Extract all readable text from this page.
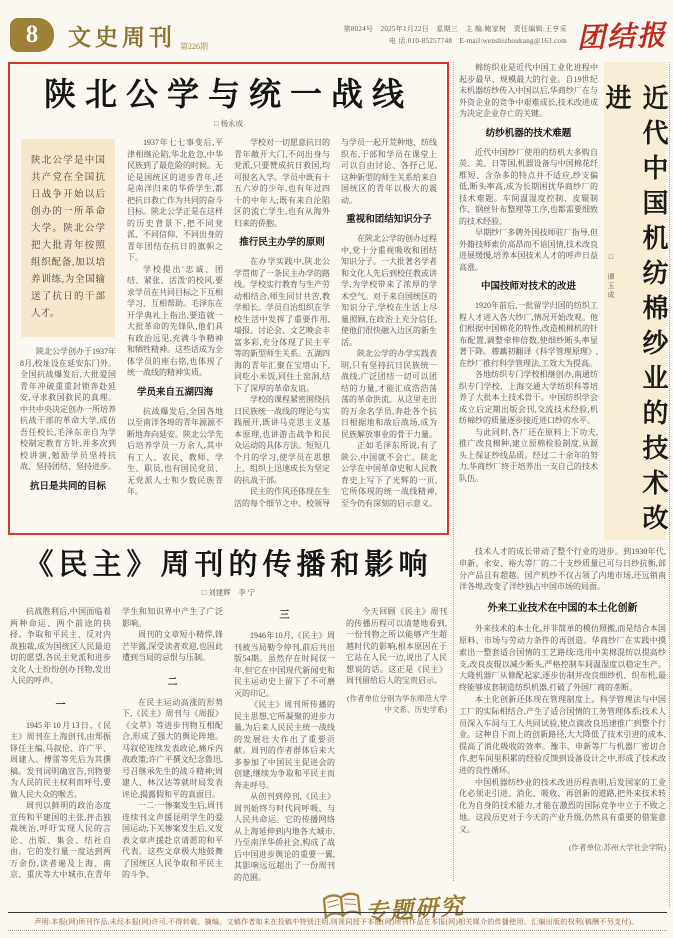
8 文史周刊 第226期
第8024号　2025年1月22日　星期三　主 编:鲍家树　责任编辑:王亨采
电 话:010-85257748　E-mail:wenshizhoukang@163.com 团结报
陕北公学与统一战线
□ 杨永成
陕北公学是中国共产党在全国抗日战争开始以后创办的一所革命大学。陕北公学把大批青年按照组织配备,加以培养训练,为全国输送了抗日的干部人才。

陕北公学创办于1937年8月,校址设在延安东门外。全国抗战爆发后,大批爱国青年冲破重重封锁奔赴延安,寻求救国救民的真理。中共中央决定创办一所培养抗战干部的革命大学,成仿吾任校长,毛泽东亲自为学校制定教育方针,并多次到校讲演,勉励学员坚持抗战、坚持团结、坚持进步。

抗日是共同的目标

1937年七七事变后,平津相继沦陷,华北危急,中华民族到了最危险的时候。无论是国统区的进步青年,还是南洋归来的华侨学生,都把抗日救亡作为共同的奋斗目标。陕北公学正是在这样的历史背景下,把不同党派、不同信仰、不同出身的青年团结在抗日的旗帜之下。

学校提出'忠诚、团结、紧张、活泼'的校风,要求学员在共同目标之下互相学习、互相帮助。毛泽东在开学典礼上指出,要造就一大批革命的先锋队,他们具有政治远见,充满斗争精神和牺牲精神。这些话成为全体学员的座右铭,也体现了统一战线的精神实质。

学员来自五湖四海

抗战爆发后,全国各地以至南洋各埠的青年源源不断地奔向延安。陕北公学先后培养学员一万余人,其中有工人、农民、教师、学生、职员,也有国民党员、无党派人士和少数民族青年。

学校对一切愿意抗日的青年敞开大门,不问出身与党派,只要赞成抗日救国,均可报名入学。学员中既有十五六岁的少年,也有年过四十的中年人;既有来自沦陷区的流亡学生,也有从海外归来的侨胞。

推行民主办学的原则

在办学实践中,陕北公学贯彻了一条民主办学的路线。学校实行教育与生产劳动相结合,师生同甘共苦,教学相长。学员自治组织在学校生活中发挥了重要作用,墙报、讨论会、文艺晚会丰富多彩,充分体现了民主平等的新型师生关系。五湖四海的青年汇聚在宝塔山下,同吃小米饭,同住土窑洞,结下了深厚的革命友谊。

学校的课程紧密围绕抗日民族统一战线的理论与实践展开,既讲马克思主义基本原理,也讲游击战争和民众运动的具体方法。短短几个月的学习,使学员在思想上、组织上迅速成长为坚定的抗战干部。

民主的作风还体现在生活的每个细节之中。校领导与学员一起开荒种地、纺线织布,干部和学员在课堂上可以自由讨论、各抒己见,这种新型的师生关系给来自国统区的青年以极大的震动。

重视和团结知识分子

在陕北公学的创办过程中,党十分重视吸收和团结知识分子。一大批著名学者和文化人先后到校任教或讲学,为学校带来了浓厚的学术空气。对于来自国统区的知识分子,学校在生活上尽量照顾,在政治上充分信任,使他们很快融入边区的新生活。

陕北公学的办学实践表明,只有坚持抗日民族统一战线,广泛团结一切可以团结的力量,才能汇成浩浩荡荡的革命洪流。从这里走出的万余名学员,奔赴各个抗日根据地和敌后战场,成为民族解放事业的骨干力量。

正如毛泽东所说,有了陕公,中国就不会亡。陕北公学在中国革命史和人民教育史上写下了光辉的一页,它所体现的统一战线精神,至今仍有深刻的启示意义。

棉纺织业是近代中国工业化进程中起步最早、规模最大的行业。自19世纪末机器纺纱传入中国以后,华商纱厂在与外资企业的竞争中艰难成长,技术改进成为决定企业存亡的关键。

纺纱机器的技术难题

近代中国纱厂使用的纺机大多购自英、美、日等国,机器设备与中国棉花纤维短、含杂多的特点并不适应,纱支偏低,断头率高,成为长期困扰华商纱厂的技术难题。车间温湿度控制、皮辊制作、钢丝针布整理等工序,也都需要细致的技术经验。

早期纱厂多聘外国技师驻厂指导,但外籍技师索价高昂而不谙国情,技术改良进展缓慢,培养本国技术人才的呼声日益高涨。

中国技师对技术的改进

1920年前后,一批留学归国的纺织工程人才进入各大纱厂,情况开始改观。他们根据中国棉花的特性,改造梳棉机的针布配置,调整牵伸倍数,使细纱断头率显著下降。穆藕初翻译《科学管理原理》,在纱厂推行科学管理法,工效大为提高。

各地纺织专门学校相继创办,南通纺织专门学校、上海交通大学纺织科等培养了大批本土技术骨干。中国纺织学会成立后定期出版会刊,交流技术经验,机纺棉纱的质量逐步接近进口纱的水平。

与此同时,各厂还在原料上下功夫,推广改良棉种,建立原棉检验制度,从源头上保证纱线品质。经过二十余年的努力,华商纱厂终于培养出一支自己的技术队伍。	近代中国机纺棉纱业的技术改进
□ 谭玉成

技术人才的成长带动了整个行业的进步。到1930年代,申新、永安、裕大等厂的二十支纱质量已可与日纱抗衡,部分产品且有超越。国产机纱不仅占领了内地市场,还远销南洋各埠,改变了洋纱独占中国市场的局面。

外来工业技术在中国的本土化创新

外来技术的本土化,并非简单的模仿照搬,而是结合本国原料、市场与劳动力条件的再创造。华商纱厂在实践中摸索出一整套适合国情的工艺路线:选用中美棉混纺以提高纱支,改良皮辊以减少断头,严格控制车间温湿度以稳定生产。大隆机器厂从修配起家,逐步仿制并改良细纱机、织布机,最终能够成套制造纺织机器,打破了外国厂商的垄断。

本土化创新还体现在管理制度上。科学管理法与中国工厂的实际相结合,产生了适合国情的工务管理体系;技术人员深入车间与工人共同试验,使点滴改良迅速推广到整个行业。这种自下而上的创新路径,大大降低了技术引进的成本,提高了消化吸收的效率。豫丰、申新等厂与机器厂密切合作,把车间里积累的经验反馈到设备设计之中,形成了技术改进的良性循环。

中国机器纺纱业的技术改进历程表明,后发国家的工业化必须走引进、消化、吸收、再创新的道路,把外来技术转化为自身的技术能力,才能在激烈的国际竞争中立于不败之地。这段历史对于今天的产业升级,仍然具有重要的借鉴意义。

(作者单位:苏州大学社会学院)

《民主》周刊的传播和影响
□ 刘建辉　李 宁

抗战胜利后,中国面临着两种命运、两个前途的抉择。争取和平民主、反对内战独裁,成为国统区人民最迫切的愿望,各民主党派和进步文化人士纷纷创办刊物,发出人民的呼声。

一

1945年10月13日,《民主》周刊在上海创刊,由郑振铎任主编,马叙伦、许广平、周建人、傅雷等先后为其撰稿。发刊词明确宣告,刊物要为人民的民主权利而呼号,要做人民大众的喉舌。

周刊以鲜明的政治态度宣传和平建国的主张,抨击独裁统治,呼吁实现人民的言论、出版、集会、结社自由。它的发行量一度达到两万余份,读者遍及上海、南京、重庆等大中城市,在青年学生和知识界中产生了广泛影响。

周刊的文章短小精悍,锋芒毕露,深受读者欢迎,也因此遭到当局的忌恨与压制。

二

在民主运动高涨的形势下,《民主》周刊与《周报》《文萃》等进步刊物互相配合,形成了强大的舆论阵地。马叙伦连续发表政论,痛斥内战政策;许广平撰文纪念鲁迅,号召继承先生的战斗精神;周建人、林汉达等就时局发表评论,揭露假和平的真面目。

一二·一惨案发生后,周刊连续刊文声援昆明学生的爱国运动;下关惨案发生后,又发表文章声援赴京请愿的和平代表。这些文章极大地鼓舞了国统区人民争取和平民主的斗争。

三

1946年10月,《民主》周刊被当局勒令停刊,前后共出版54期。虽然存在时间仅一年,但它在中国现代新闻史和民主运动史上留下了不可磨灭的印记。

《民主》周刊所传播的民主思想,它所凝聚的进步力量,为后来人民民主统一战线的发展壮大作出了重要贡献。周刊的作者群体后来大多参加了中国民主促进会的创建,继续为争取和平民主而奔走呼号。

从创刊到停刊,《民主》周刊始终与时代同呼吸、与人民共命运。它的传播网络从上海延伸到内地各大城市,乃至南洋华侨社会,构成了战后中国进步舆论的重要一翼,其影响远远超出了一份周刊的范围。

今天回顾《民主》周刊的传播历程可以清楚地看到,一份刊物之所以能够产生超越时代的影响,根本原因在于它站在人民一边,说出了人民想说的话。这正是《民主》周刊留给后人的宝贵启示。

(作者单位分别为华东师范大学中文系、历史学系)

专题研究
声明:本报(网)所刊作品,未经本报(网)许可,不得转载、摘编。文稿作者如未在投稿中特别注明,则视同授予本报(网)所刊作品在本报(网)相关媒介的传播使用、汇编出版的权利(稿酬不另支付)。
